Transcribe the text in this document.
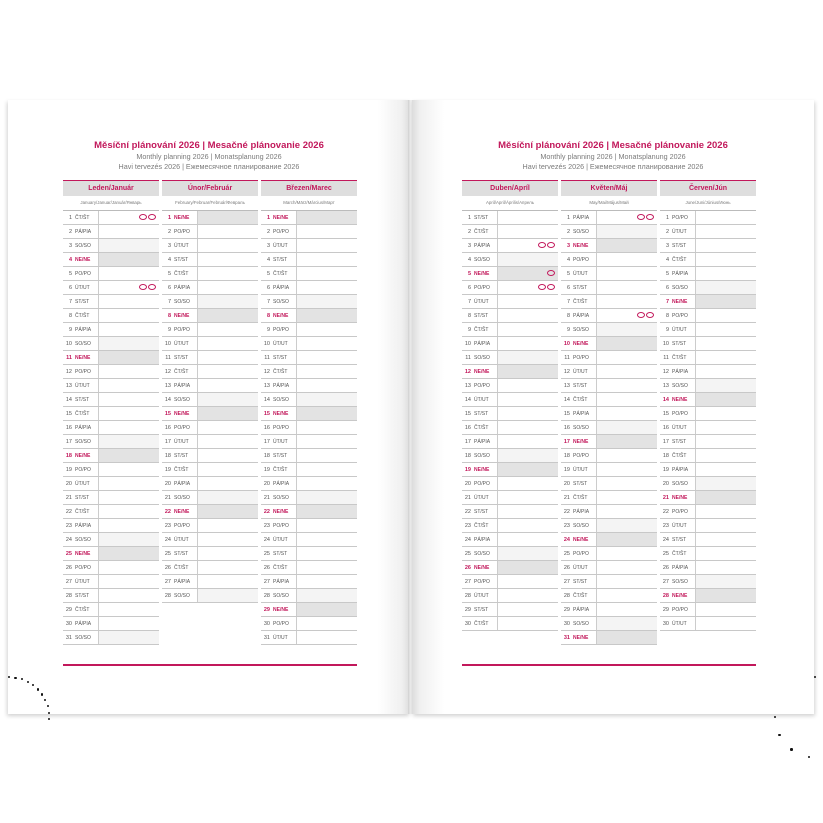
Měsíční plánování 2026 | Mesačné plánovanie 2026
Monthly planning 2026 | Monatsplanung 2026
Havi tervezés 2026 | Ежемесячное планирование 2026
Leden/Január
January/Januar/Január/Январь
1 ČT/ŠT
2 PÁ/PIA
3 SO/SO
4 NE/NE
5 PO/PO
6 ÚT/UT
7 ST/ST
8 ČT/ŠT
9 PÁ/PIA
10 SO/SO
11 NE/NE
12 PO/PO
13 ÚT/UT
14 ST/ST
15 ČT/ŠT
16 PÁ/PIA
17 SO/SO
18 NE/NE
19 PO/PO
20 ÚT/UT
21 ST/ST
22 ČT/ŠT
23 PÁ/PIA
24 SO/SO
25 NE/NE
26 PO/PO
27 ÚT/UT
28 ST/ST
29 ČT/ŠT
30 PÁ/PIA
31 SO/SO
Únor/Február
February/Februar/Február/Февраль
1 NE/NE
2 PO/PO
3 ÚT/UT
4 ST/ST
5 ČT/ŠT
6 PÁ/PIA
7 SO/SO
8 NE/NE
9 PO/PO
10 ÚT/UT
11 ST/ST
12 ČT/ŠT
13 PÁ/PIA
14 SO/SO
15 NE/NE
16 PO/PO
17 ÚT/UT
18 ST/ST
19 ČT/ŠT
20 PÁ/PIA
21 SO/SO
22 NE/NE
23 PO/PO
24 ÚT/UT
25 ST/ST
26 ČT/ŠT
27 PÁ/PIA
28 SO/SO
Březen/Marec
March/März/Március/Март
1 NE/NE
2 PO/PO
3 ÚT/UT
4 ST/ST
5 ČT/ŠT
6 PÁ/PIA
7 SO/SO
8 NE/NE
9 PO/PO
10 ÚT/UT
11 ST/ST
12 ČT/ŠT
13 PÁ/PIA
14 SO/SO
15 NE/NE
16 PO/PO
17 ÚT/UT
18 ST/ST
19 ČT/ŠT
20 PÁ/PIA
21 SO/SO
22 NE/NE
23 PO/PO
24 ÚT/UT
25 ST/ST
26 ČT/ŠT
27 PÁ/PIA
28 SO/SO
29 NE/NE
30 PO/PO
31 ÚT/UT
Měsíční plánování 2026 | Mesačné plánovanie 2026
Monthly planning 2026 | Monatsplanung 2026
Havi tervezés 2026 | Ежемесячное планирование 2026
Duben/Apríl
April/April/Április/Апрель
1 ST/ST
2 ČT/ŠT
3 PÁ/PIA
4 SO/SO
5 NE/NE
6 PO/PO
7 ÚT/UT
8 ST/ST
9 ČT/ŠT
10 PÁ/PIA
11 SO/SO
12 NE/NE
13 PO/PO
14 ÚT/UT
15 ST/ST
16 ČT/ŠT
17 PÁ/PIA
18 SO/SO
19 NE/NE
20 PO/PO
21 ÚT/UT
22 ST/ST
23 ČT/ŠT
24 PÁ/PIA
25 SO/SO
26 NE/NE
27 PO/PO
28 ÚT/UT
29 ST/ST
30 ČT/ŠT
Květen/Máj
May/Mai/Május/Май
1 PÁ/PIA
2 SO/SO
3 NE/NE
4 PO/PO
5 ÚT/UT
6 ST/ST
7 ČT/ŠT
8 PÁ/PIA
9 SO/SO
10 NE/NE
11 PO/PO
12 ÚT/UT
13 ST/ST
14 ČT/ŠT
15 PÁ/PIA
16 SO/SO
17 NE/NE
18 PO/PO
19 ÚT/UT
20 ST/ST
21 ČT/ŠT
22 PÁ/PIA
23 SO/SO
24 NE/NE
25 PO/PO
26 ÚT/UT
27 ST/ST
28 ČT/ŠT
29 PÁ/PIA
30 SO/SO
31 NE/NE
Červen/Jún
June/Juni/Június/Июнь
1 PO/PO
2 ÚT/UT
3 ST/ST
4 ČT/ŠT
5 PÁ/PIA
6 SO/SO
7 NE/NE
8 PO/PO
9 ÚT/UT
10 ST/ST
11 ČT/ŠT
12 PÁ/PIA
13 SO/SO
14 NE/NE
15 PO/PO
16 ÚT/UT
17 ST/ST
18 ČT/ŠT
19 PÁ/PIA
20 SO/SO
21 NE/NE
22 PO/PO
23 ÚT/UT
24 ST/ST
25 ČT/ŠT
26 PÁ/PIA
27 SO/SO
28 NE/NE
29 PO/PO
30 ÚT/UT
